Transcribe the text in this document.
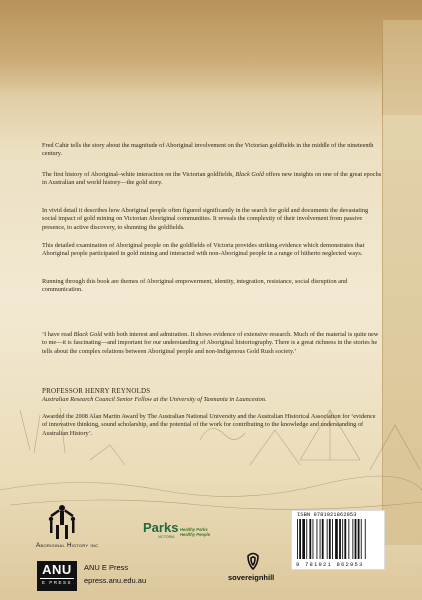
Fred Cahir tells the story about the magnitude of Aboriginal involvement on the Victorian goldfields in the middle of the nineteenth century.

The first history of Aboriginal–white interaction on the Victorian goldfields, Black Gold offers new insights on one of the great epochs in Australian and world history—the gold story.

In vivid detail it describes how Aboriginal people often figured significantly in the search for gold and documents the devastating social impact of gold mining on Victorian Aboriginal communities. It reveals the complexity of their involvement from passive presence, to active discovery, to shunning the goldfields.

This detailed examination of Aboriginal people on the goldfields of Victoria provides striking evidence which demonstrates that Aboriginal people participated in gold mining and interacted with non-Aboriginal people in a range of hitherto neglected ways.

Running through this book are themes of Aboriginal empowerment, identity, integration, resistance, social disruption and communication.

‘I have read Black Gold with both interest and admiration. It shows evidence of extensive research. Much of the material is quite new to me—it is fascinating—and important for our understanding of Aboriginal historiography. There is a great richness in the stories he tells about the complex relations between Aboriginal people and non-Indigenous Gold Rush society.’

PROFESSOR HENRY REYNOLDS

Australian Research Council Senior Fellow at the University of Tasmania in Launceston.

Awarded the 2008 Alan Martin Award by The Australian National University and the Australian Historical Association for ‘evidence of innovative thinking, sound scholarship, and the potential of the work for contributing to the knowledge and understanding of Australian History’.

Aboriginal History inc
Parks
VICTORIA
Healthy Parks
Healthy People
ANU
E PRESS
ANU E Press
epress.anu.edu.au	sovereignhill
ISBN 9781921862953
9 781921 862953
